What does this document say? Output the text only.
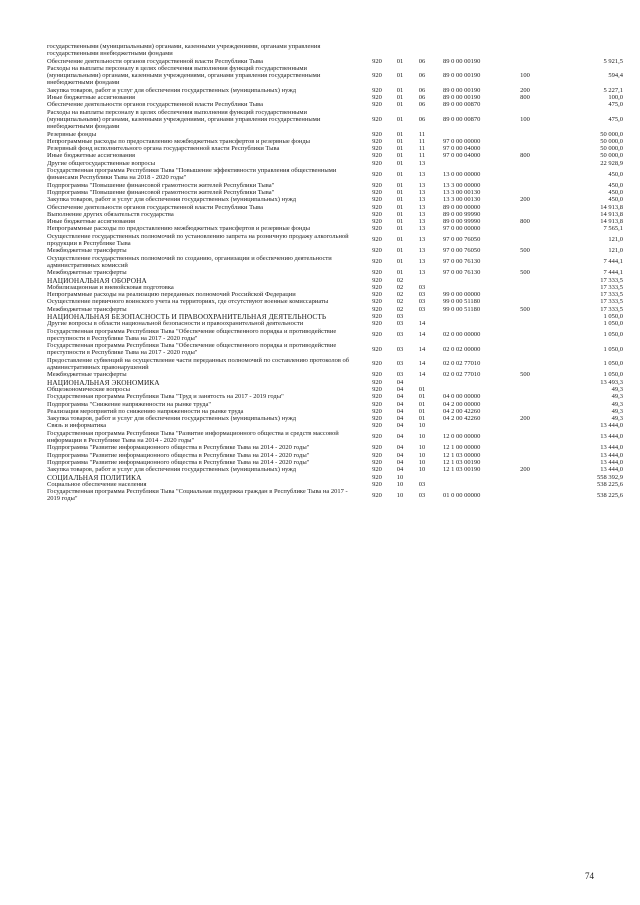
государственными (муниципальными) органами, казенными учреждениями, органами управления государственными внебюджетными фондами						
Обеспечение деятельности органов государственной власти Республики Тыва	920	01	06	89 0 00 00190		5 921,5
Расходы на выплаты персоналу в целях обеспечения выполнения функций государственными (муниципальными) органами, казенными учреждениями, органами управления государственными внебюджетными фондами	920	01	06	89 0 00 00190	100	594,4
Закупка товаров, работ и услуг для обеспечения государственных (муниципальных) нужд	920	01	06	89 0 00 00190	200	5 227,1
Иные бюджетные ассигнования	920	01	06	89 0 00 00190	800	100,0
Обеспечение деятельности органов государственной власти Республики Тыва	920	01	06	89 0 00 00870		475,0
Расходы на выплаты персоналу в целях обеспечения выполнения функций государственными (муниципальными) органами, казенными учреждениями, органами управления государственными внебюджетными фондами	920	01	06	89 0 00 00870	100	475,0
Резервные фонды	920	01	11			50 000,0
Непрограммные расходы по предоставлению межбюджетных трансфертов и резервные фонды	920	01	11	97 0 00 00000		50 000,0
Резервный фонд исполнительного органа государственной власти Республики Тыва	920	01	11	97 0 00 04000		50 000,0
Иные бюджетные ассигнования	920	01	11	97 0 00 04000	800	50 000,0
Другие общегосударственные вопросы	920	01	13			22 928,9
Государственная программа Республики Тыва "Повышение эффективности управления общественными финансами Республики Тыва на 2018 - 2020 годы"	920	01	13	13 0 00 00000		450,0
Подпрограмма "Повышение финансовой грамотности жителей Республики Тыва"	920	01	13	13 3 00 00000		450,0
Подпрограмма "Повышение финансовой грамотности жителей Республики Тыва"	920	01	13	13 3 00 00130		450,0
Закупка товаров, работ и услуг для обеспечения государственных (муниципальных) нужд	920	01	13	13 3 00 00130	200	450,0
Обеспечение деятельности органов государственной власти Республики Тыва	920	01	13	89 0 00 00000		14 913,8
Выполнение других обязательств государства	920	01	13	89 0 00 99990		14 913,8
Иные бюджетные ассигнования	920	01	13	89 0 00 99990	800	14 913,8
Непрограммные расходы по предоставлению межбюджетных трансфертов и резервные фонды	920	01	13	97 0 00 00000		7 565,1
Осуществление государственных полномочий по установлению запрета на розничную продажу алкогольной продукции в Республике Тыва	920	01	13	97 0 00 76050		121,0
Межбюджетные трансферты	920	01	13	97 0 00 76050	500	121,0
Осуществление государственных полномочий по созданию, организации и обеспечению деятельности административных комиссий	920	01	13	97 0 00 76130		7 444,1
Межбюджетные трансферты	920	01	13	97 0 00 76130	500	7 444,1
НАЦИОНАЛЬНАЯ ОБОРОНА	920	02				17 333,5
Мобилизационная и вневойсковая подготовка	920	02	03			17 333,5
Непрограммные расходы на реализацию переданных полномочий Российской Федерации	920	02	03	99 0 00 00000		17 333,5
Осуществление первичного воинского учета на территориях, где отсутствуют военные комиссариаты	920	02	03	99 0 00 51180		17 333,5
Межбюджетные трансферты	920	02	03	99 0 00 51180	500	17 333,5
НАЦИОНАЛЬНАЯ БЕЗОПАСНОСТЬ И ПРАВООХРАНИТЕЛЬНАЯ ДЕЯТЕЛЬНОСТЬ	920	03				1 050,0
Другие вопросы в области национальной безопасности и правоохранительной деятельности	920	03	14			1 050,0
Государственная программа Республики Тыва "Обеспечение общественного порядка и противодействие преступности в Республике Тыва на 2017 - 2020 годы"	920	03	14	02 0 00 00000		1 050,0
Государственная программа Республики Тыва "Обеспечение общественного порядка и противодействие преступности в Республике Тыва на 2017 - 2020 годы"	920	03	14	02 0 02 00000		1 050,0
Предоставление субвенций на осуществление части переданных полномочий по составлению протоколов об административных правонарушений	920	03	14	02 0 02 77010		1 050,0
Межбюджетные трансферты	920	03	14	02 0 02 77010	500	1 050,0
НАЦИОНАЛЬНАЯ ЭКОНОМИКА	920	04				13 493,3
Общеэкономические вопросы	920	04	01			49,3
Государственная программа Республики Тыва "Труд и занятость на 2017 - 2019 годы"	920	04	01	04 0 00 00000		49,3
Подпрограмма "Снижение напряженности на рынке труда"	920	04	01	04 2 00 00000		49,3
Реализация мероприятий по снижению напряженности на рынке труда	920	04	01	04 2 00 42260		49,3
Закупка товаров, работ и услуг для обеспечения государственных (муниципальных) нужд	920	04	01	04 2 00 42260	200	49,3
Связь и информатика	920	04	10			13 444,0
Государственная программа Республики Тыва "Развитие информационного общества и средств массовой информации в Республике Тыва на 2014 - 2020 годы"	920	04	10	12 0 00 00000		13 444,0
Подпрограмма "Развитие информационного общества в Республике Тыва на 2014 - 2020 годы"	920	04	10	12 1 00 00000		13 444,0
Подпрограмма "Развитие информационного общества в Республике Тыва на 2014 - 2020 годы"	920	04	10	12 1 03 00000		13 444,0
Подпрограмма "Развитие информационного общества в Республике Тыва на 2014 - 2020 годы"	920	04	10	12 1 03 00190		13 444,0
Закупка товаров, работ и услуг для обеспечения государственных (муниципальных) нужд	920	04	10	12 1 03 00190	200	13 444,0
СОЦИАЛЬНАЯ ПОЛИТИКА	920	10				558 392,9
Социальное обеспечение населения	920	10	03			538 225,6
Государственная программа Республики Тыва "Социальная поддержка граждан в Республике Тыва на 2017 - 2019 годы"	920	10	03	01 0 00 00000		538 225,6
74
